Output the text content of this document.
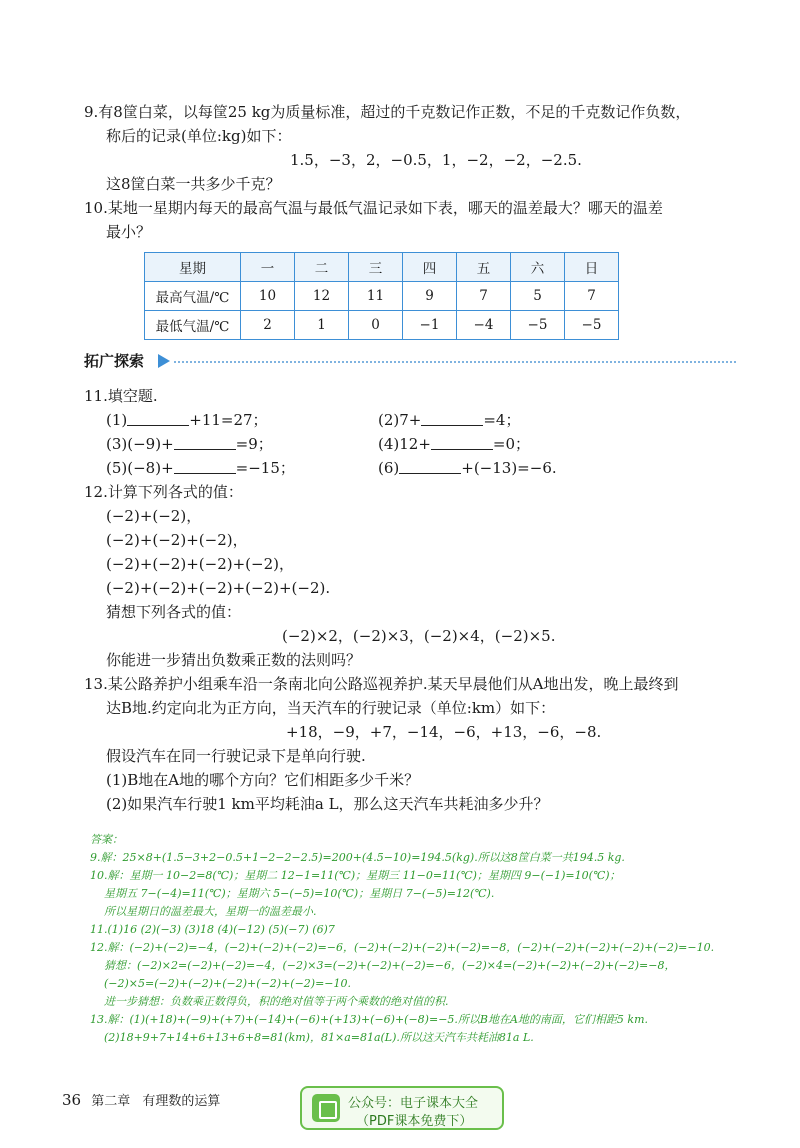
9.有8筐白菜，以每筐25 kg为质量标准，超过的千克数记作正数，不足的千克数记作负数，
称后的记录(单位:kg)如下：
1.5，−3，2，−0.5，1，−2，−2，−2.5.
这8筐白菜一共多少千克？
10.某地一星期内每天的最高气温与最低气温记录如下表，哪天的温差最大？哪天的温差
最小？
星期	一	二	三	四	五	六	日
最高气温/℃	10	12	11	9	7	5	7
最低气温/℃	2	1	0	−1	−4	−5	−5
拓广探索
11.填空题.
(1)	+11=27；	(2)7+	=4；
(3)(−9)+	=9；	(4)12+	=0；
(5)(−8)+	=−15；	(6)	+(−13)=−6.
12.计算下列各式的值：
(−2)+(−2)，
(−2)+(−2)+(−2)，
(−2)+(−2)+(−2)+(−2)，
(−2)+(−2)+(−2)+(−2)+(−2).
猜想下列各式的值：
(−2)×2，(−2)×3，(−2)×4，(−2)×5.
你能进一步猜出负数乘正数的法则吗？
13.某公路养护小组乘车沿一条南北向公路巡视养护.某天早晨他们从A地出发，晚上最终到
达B地.约定向北为正方向，当天汽车的行驶记录（单位:km）如下：
+18，−9，+7，−14，−6，+13，−6，−8.
假设汽车在同一行驶记录下是单向行驶.
(1)B地在A地的哪个方向？它们相距多少千米？
(2)如果汽车行驶1 km平均耗油a L，那么这天汽车共耗油多少升？
答案：
9.解：25×8+(1.5−3+2−0.5+1−2−2−2.5)=200+(4.5−10)=194.5(kg).所以这8筐白菜一共194.5 kg.
10.解：星期一 10−2=8(℃)；星期二 12−1=11(℃)；星期三 11−0=11(℃)；星期四 9−(−1)=10(℃)；
星期五 7−(−4)=11(℃)；星期六 5−(−5)=10(℃)；星期日 7−(−5)=12(℃).
所以星期日的温差最大，星期一的温差最小.
11.(1)16 (2)(−3) (3)18 (4)(−12) (5)(−7) (6)7
12.解：(−2)+(−2)=−4，(−2)+(−2)+(−2)=−6，(−2)+(−2)+(−2)+(−2)=−8，(−2)+(−2)+(−2)+(−2)+(−2)=−10.
猜想：(−2)×2=(−2)+(−2)=−4，(−2)×3=(−2)+(−2)+(−2)=−6，(−2)×4=(−2)+(−2)+(−2)+(−2)=−8，
(−2)×5=(−2)+(−2)+(−2)+(−2)+(−2)=−10.
进一步猜想：负数乘正数得负，积的绝对值等于两个乘数的绝对值的积.
13.解：(1)(+18)+(−9)+(+7)+(−14)+(−6)+(+13)+(−6)+(−8)=−5.所以B地在A地的南面，它们相距5 km.
(2)18+9+7+14+6+13+6+8=81(km)，81×a=81a(L).所以这天汽车共耗油81a L.
36 第二章 有理数的运算	公众号：电子课本大全
（PDF课本免费下）
